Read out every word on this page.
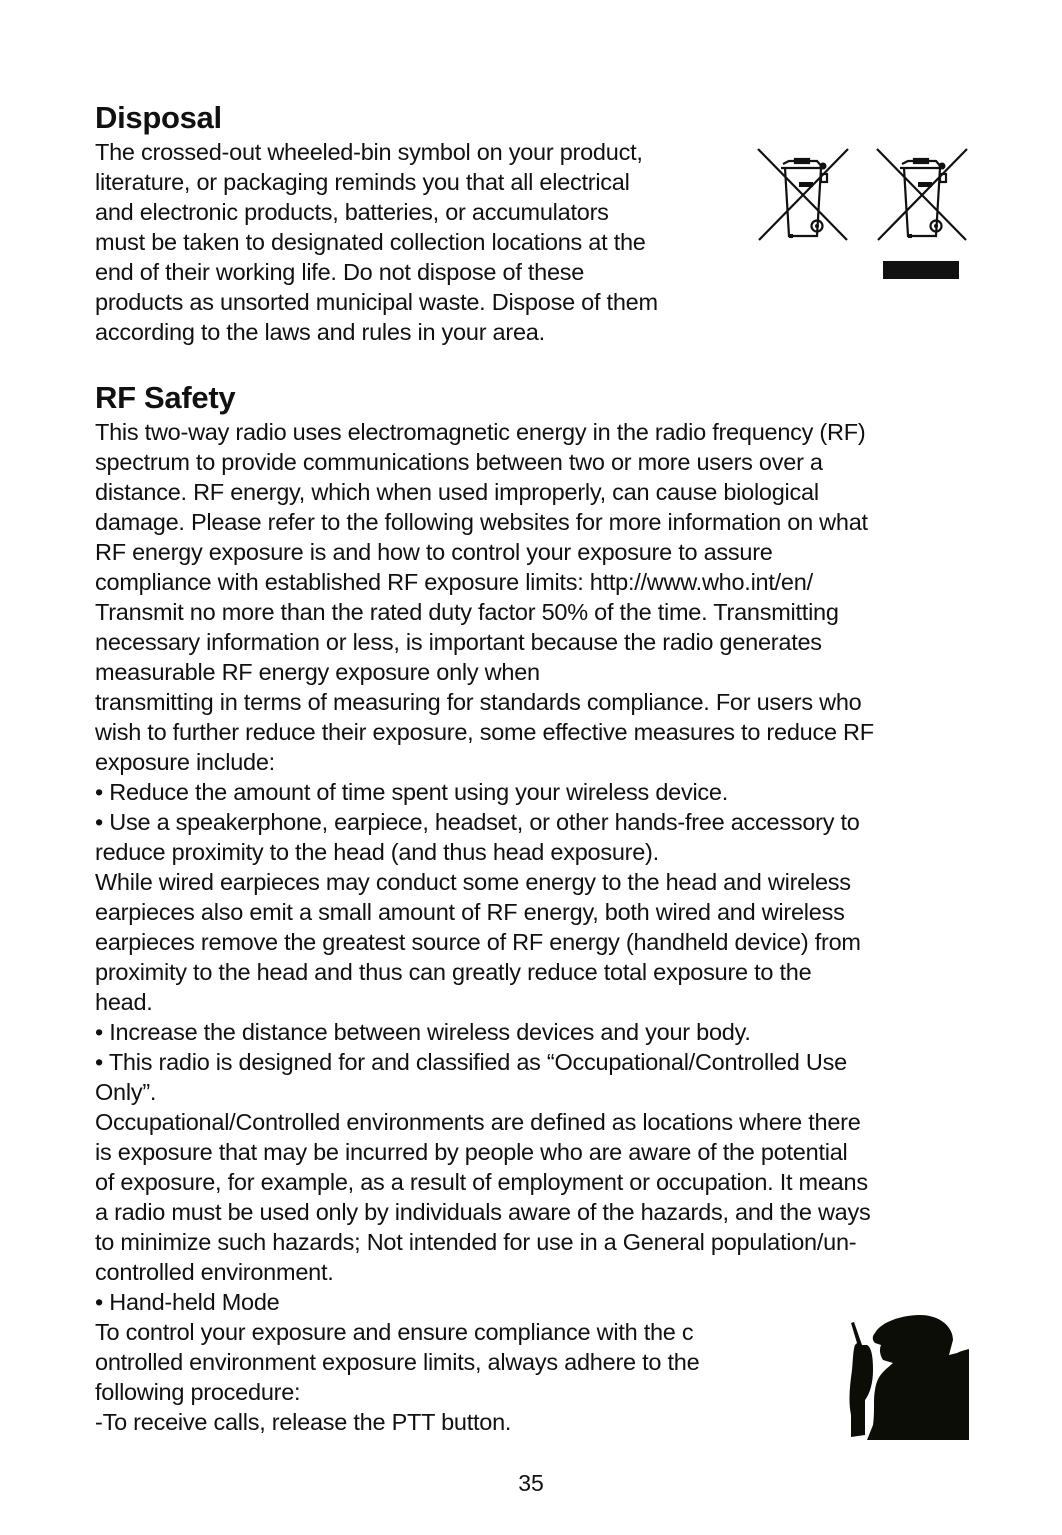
Disposal
The crossed-out wheeled-bin symbol on your product,
literature, or packaging reminds you that all electrical
and electronic products, batteries, or accumulators
must be taken to designated collection locations at the
end of their working life. Do not dispose of these
products as unsorted municipal waste. Dispose of them
according to the laws and rules in your area.
RF Safety
This two-way radio uses electromagnetic energy in the radio frequency (RF)
spectrum to provide communications between two or more users over a
distance. RF energy, which when used improperly, can cause biological
damage. Please refer to the following websites for more information on what
RF energy exposure is and how to control your exposure to assure
compliance with established RF exposure limits: http://www.who.int/en/
Transmit no more than the rated duty factor 50% of the time. Transmitting
necessary information or less, is important because the radio generates
measurable RF energy exposure only when
transmitting in terms of measuring for standards compliance. For users who
wish to further reduce their exposure, some effective measures to reduce RF
exposure include:
• Reduce the amount of time spent using your wireless device.
• Use a speakerphone, earpiece, headset, or other hands-free accessory to
reduce proximity to the head (and thus head exposure).
While wired earpieces may conduct some energy to the head and wireless
earpieces also emit a small amount of RF energy, both wired and wireless
earpieces remove the greatest source of RF energy (handheld device) from
proximity to the head and thus can greatly reduce total exposure to the
head.
• Increase the distance between wireless devices and your body.
• This radio is designed for and classified as “Occupational/Controlled Use
Only”.
Occupational/Controlled environments are defined as locations where there
is exposure that may be incurred by people who are aware of the potential
of exposure, for example, as a result of employment or occupation. It means
a radio must be used only by individuals aware of the hazards, and the ways
to minimize such hazards; Not intended for use in a General population/un-
controlled environment.
• Hand-held Mode
To control your exposure and ensure compliance with the c
ontrolled environment exposure limits, always adhere to the
following procedure:
-To receive calls, release the PTT button.
35
